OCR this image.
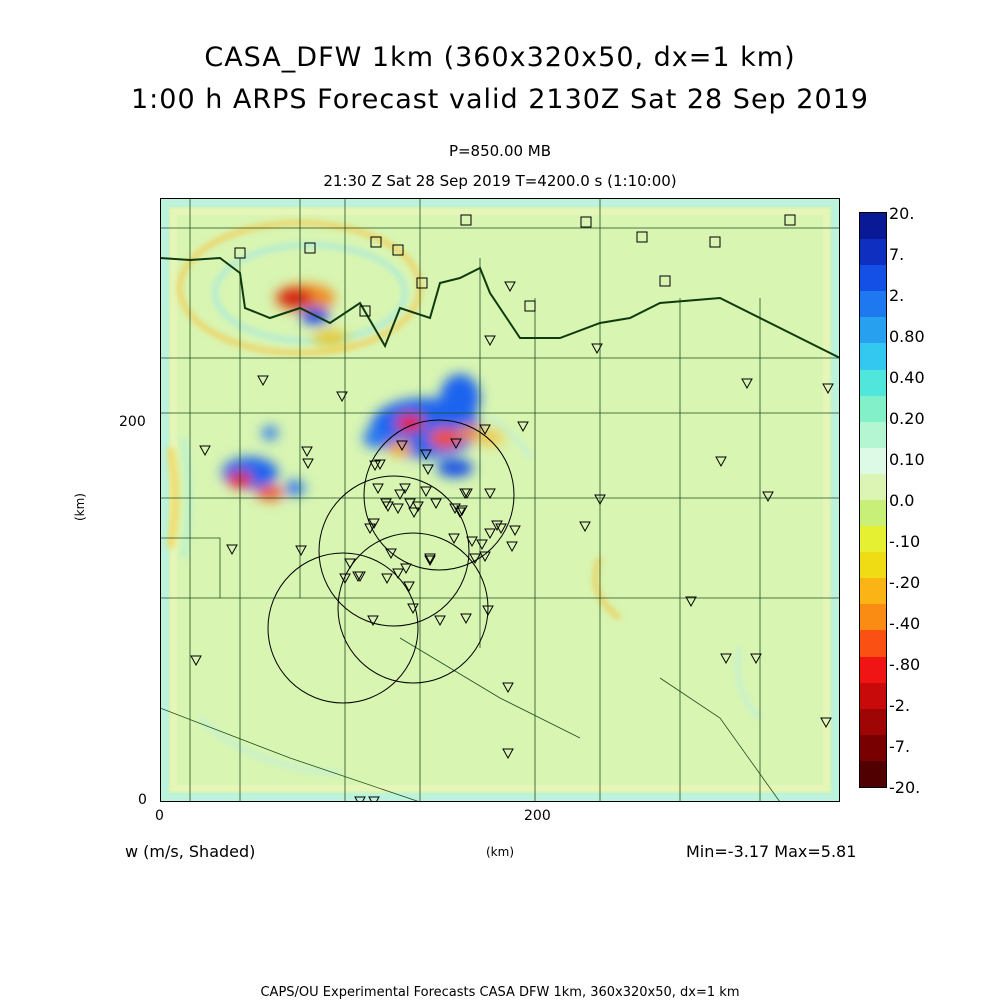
CASA_DFW 1km (360x320x50, dx=1 km)
1:00 h ARPS Forecast valid 2130Z Sat 28 Sep 2019
P=850.00 MB
21:30 Z Sat 28 Sep 2019 T=4200.0 s (1:10:00)
200
0
0	200
(km)
(km)
20.
7.
2.
0.80
0.40
0.20
0.10
0.0
-.10
-.20
-.40
-.80
-2.
-7.
-20.
w (m/s, Shaded)	Min=-3.17 Max=5.81
CAPS/OU Experimental Forecasts CASA DFW 1km, 360x320x50, dx=1 km
